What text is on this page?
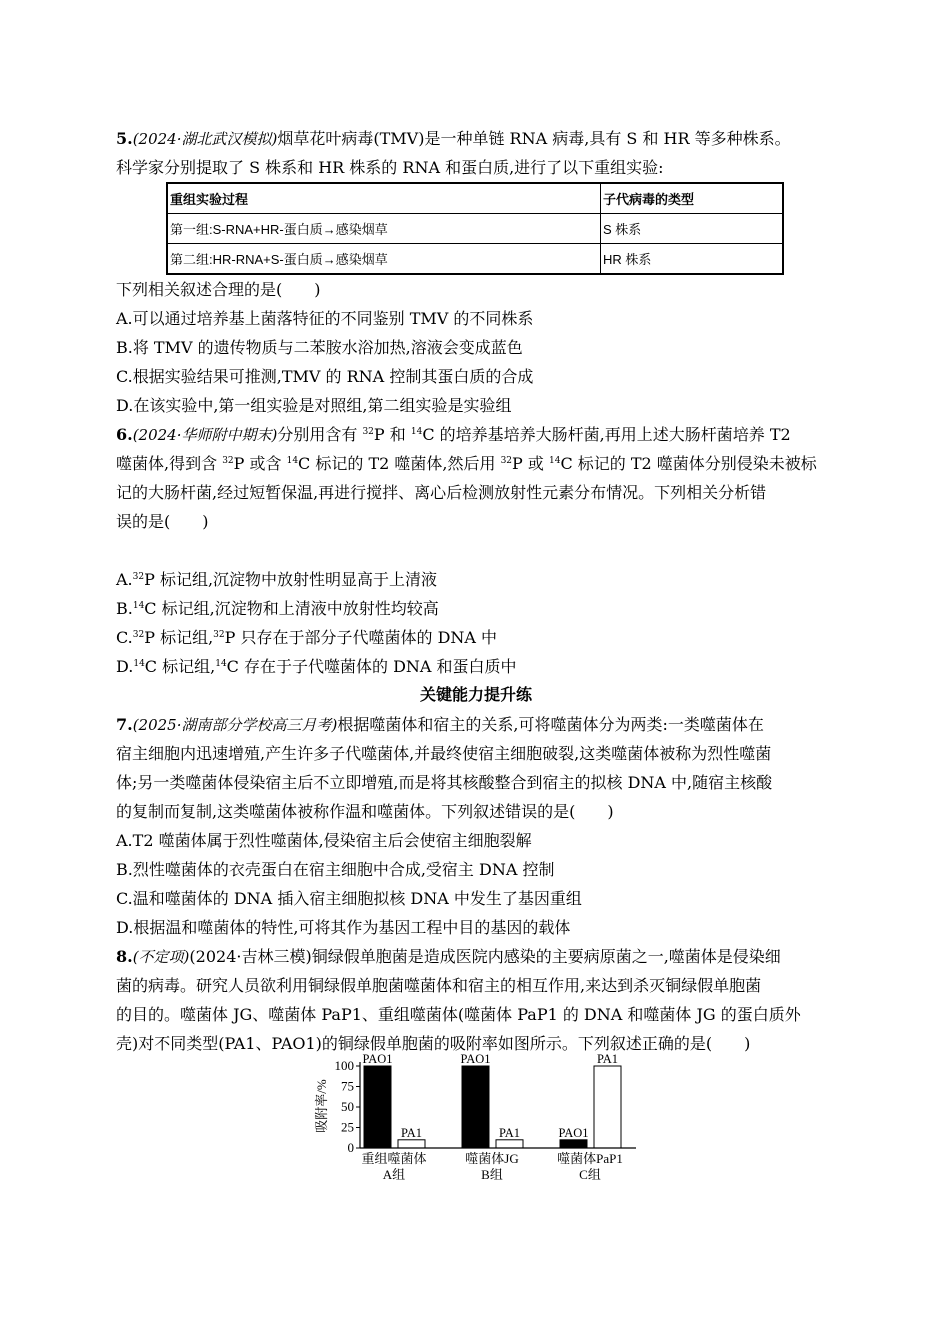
5.(2024·湖北武汉模拟)烟草花叶病毒(TMV)是一种单链 RNA 病毒,具有 S 和 HR 等多种株系。
科学家分别提取了 S 株系和 HR 株系的 RNA 和蛋白质,进行了以下重组实验:
重组实验过程	子代病毒的类型
第一组:S-RNA+HR-蛋白质→感染烟草	S 株系
第二组:HR-RNA+S-蛋白质→感染烟草	HR 株系
下列相关叙述合理的是(　　)
A.可以通过培养基上菌落特征的不同鉴别 TMV 的不同株系
B.将 TMV 的遗传物质与二苯胺水浴加热,溶液会变成蓝色
C.根据实验结果可推测,TMV 的 RNA 控制其蛋白质的合成
D.在该实验中,第一组实验是对照组,第二组实验是实验组
6.(2024·华师附中期末)分别用含有 $^{32}$P 和 $^{14}$C 的培养基培养大肠杆菌,再用上述大肠杆菌培养 T2
噬菌体,得到含 $^{32}$P 或含 $^{14}$C 标记的 T2 噬菌体,然后用 $^{32}$P 或 $^{14}$C 标记的 T2 噬菌体分别侵染未被标
记的大肠杆菌,经过短暂保温,再进行搅拌、离心后检测放射性元素分布情况。下列相关分析错
误的是(　　)
A.$^{32}$P 标记组,沉淀物中放射性明显高于上清液
B.$^{14}$C 标记组,沉淀物和上清液中放射性均较高
C.$^{32}$P 标记组,$^{32}$P 只存在于部分子代噬菌体的 DNA 中
D.$^{14}$C 标记组,$^{14}$C 存在于子代噬菌体的 DNA 和蛋白质中
关键能力提升练
7.(2025·湖南部分学校高三月考)根据噬菌体和宿主的关系,可将噬菌体分为两类:一类噬菌体在
宿主细胞内迅速增殖,产生许多子代噬菌体,并最终使宿主细胞破裂,这类噬菌体被称为烈性噬菌
体;另一类噬菌体侵染宿主后不立即增殖,而是将其核酸整合到宿主的拟核 DNA 中,随宿主核酸
的复制而复制,这类噬菌体被称作温和噬菌体。下列叙述错误的是(　　)
A.T2 噬菌体属于烈性噬菌体,侵染宿主后会使宿主细胞裂解
B.烈性噬菌体的衣壳蛋白在宿主细胞中合成,受宿主 DNA 控制
C.温和噬菌体的 DNA 插入宿主细胞拟核 DNA 中发生了基因重组
D.根据温和噬菌体的特性,可将其作为基因工程中目的基因的载体
8.(不定项)(2024·吉林三模)铜绿假单胞菌是造成医院内感染的主要病原菌之一,噬菌体是侵染细
菌的病毒。研究人员欲利用铜绿假单胞菌噬菌体和宿主的相互作用,来达到杀灭铜绿假单胞菌
的目的。噬菌体 JG、噬菌体 PaP1、重组噬菌体(噬菌体 PaP1 的 DNA 和噬菌体 JG 的蛋白质外
壳)对不同类型(PA1、PAO1)的铜绿假单胞菌的吸附率如图所示。下列叙述正确的是(　　)
吸附率/%
0
25
50
75
100 PAO1
PA1
PAO1
PA1	PAO1
PA1
重组噬菌体
A组
噬菌体JG
B组
噬菌体PaP1
C组
